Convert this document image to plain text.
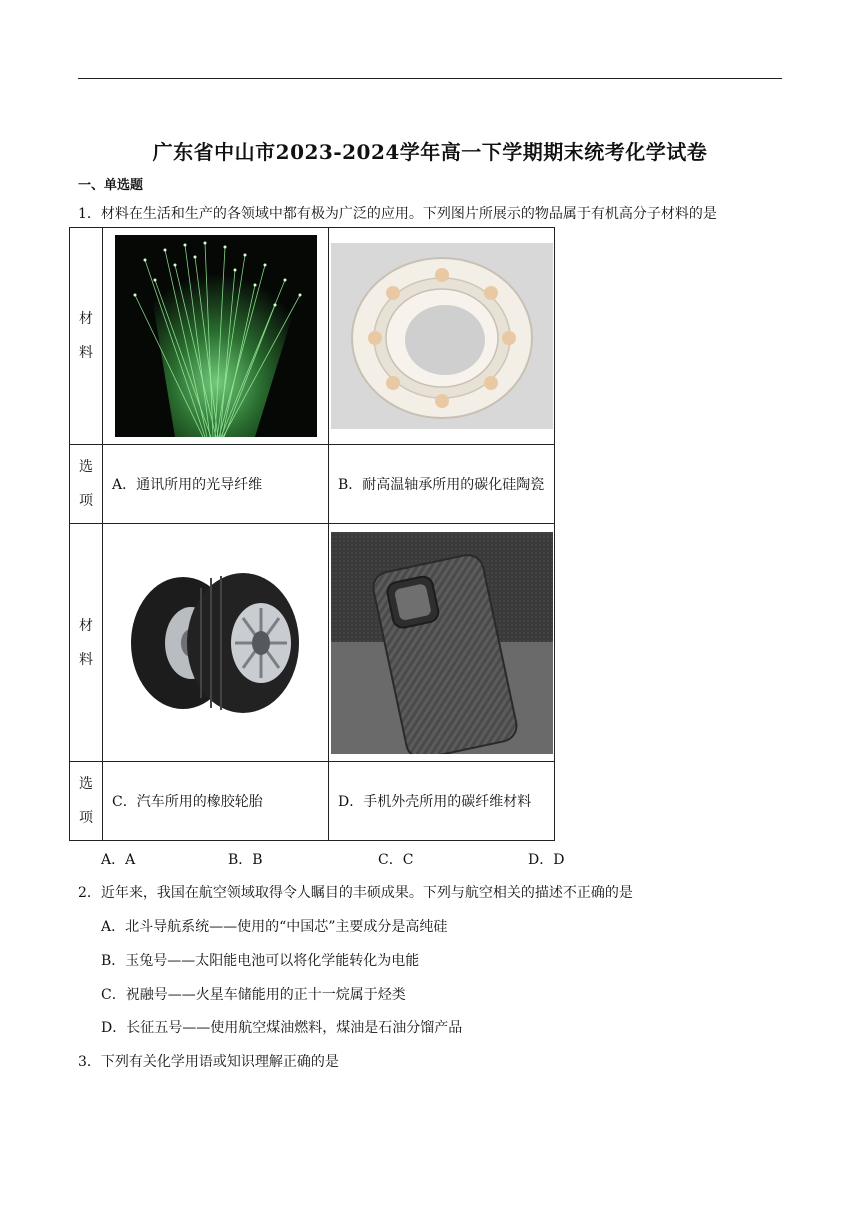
广东省中山市2023-2024学年高一下学期期末统考化学试卷
一、单选题
1．材料在生活和生产的各领域中都有极为广泛的应用。下列图片所展示的物品属于有机高分子材料的是
材
料

选
项	A．通讯所用的光导纤维	B．耐高温轴承所用的碳化硅陶瓷

材
料

选
项	C．汽车所用的橡胶轮胎	D．手机外壳所用的碳纤维材料
A．A	B．B	C．C	D．D
2．近年来，我国在航空领域取得令人瞩目的丰硕成果。下列与航空相关的描述不正确的是
A．北斗导航系统——使用的“中国芯”主要成分是高纯硅
B．玉兔号——太阳能电池可以将化学能转化为电能
C．祝融号——火星车储能用的正十一烷属于烃类
D．长征五号——使用航空煤油燃料，煤油是石油分馏产品
3．下列有关化学用语或知识理解正确的是
